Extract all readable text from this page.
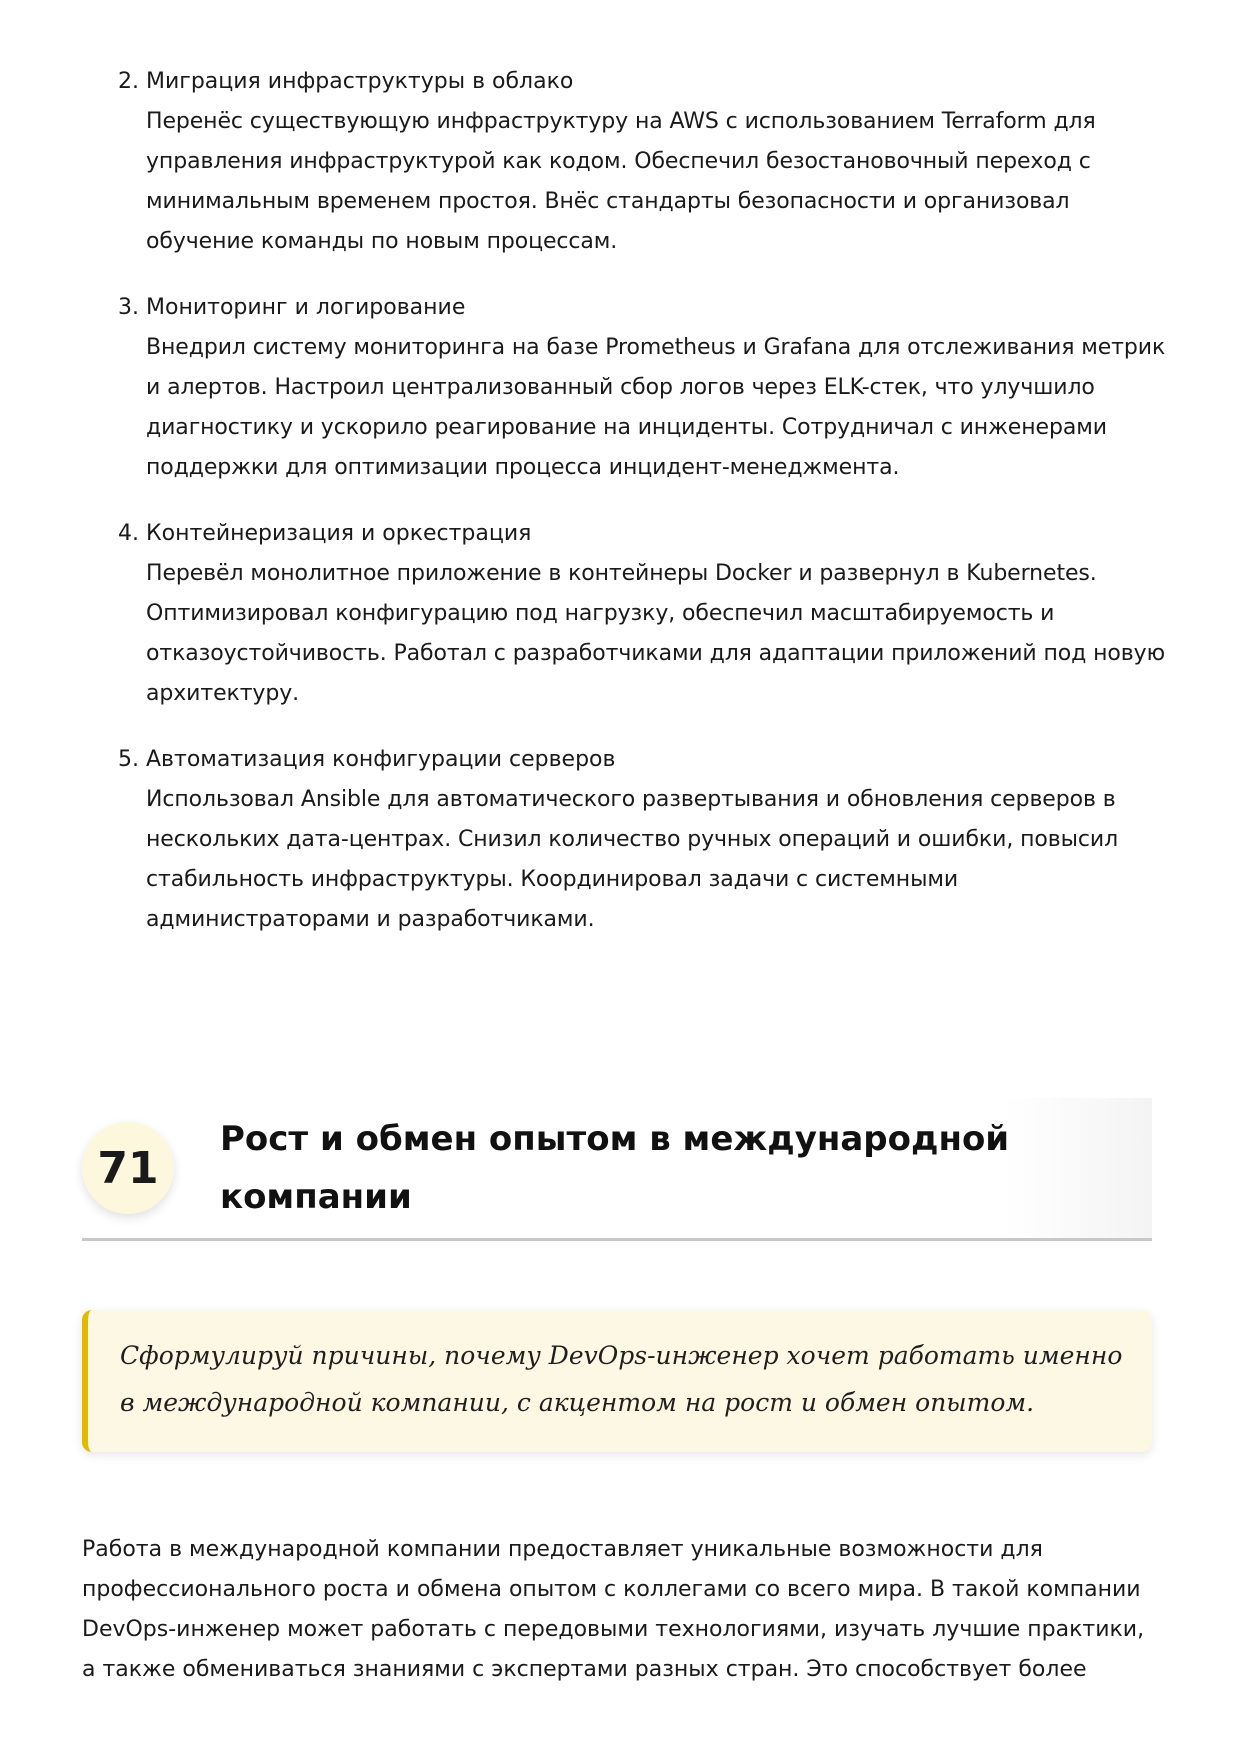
2. Миграция инфраструктуры в облако
Перенёс существующую инфраструктуру на AWS с использованием Terraform для управления инфраструктурой как кодом. Обеспечил безостановочный переход с минимальным временем простоя. Внёс стандарты безопасности и организовал обучение команды по новым процессам.
3. Мониторинг и логирование
Внедрил систему мониторинга на базе Prometheus и Grafana для отслеживания метрик и алертов. Настроил централизованный сбор логов через ELK-стек, что улучшило диагностику и ускорило реагирование на инциденты. Сотрудничал с инженерами поддержки для оптимизации процесса инцидент-менеджмента.
4. Контейнеризация и оркестрация
Перевёл монолитное приложение в контейнеры Docker и развернул в Kubernetes. Оптимизировал конфигурацию под нагрузку, обеспечил масштабируемость и отказоустойчивость. Работал с разработчиками для адаптации приложений под новую архитектуру.
5. Автоматизация конфигурации серверов
Использовал Ansible для автоматического развертывания и обновления серверов в нескольких дата-центрах. Снизил количество ручных операций и ошибки, повысил стабильность инфраструктуры. Координировал задачи с системными администраторами и разработчиками.
71
Рост и обмен опытом в международной компании

Сформулируй причины, почему DevOps-инженер хочет работать именно в международной компании, с акцентом на рост и обмен опытом.

Работа в международной компании предоставляет уникальные возможности для профессионального роста и обмена опытом с коллегами со всего мира. В такой компании DevOps-инженер может работать с передовыми технологиями, изучать лучшие практики, а также обмениваться знаниями с экспертами разных стран. Это способствует более
